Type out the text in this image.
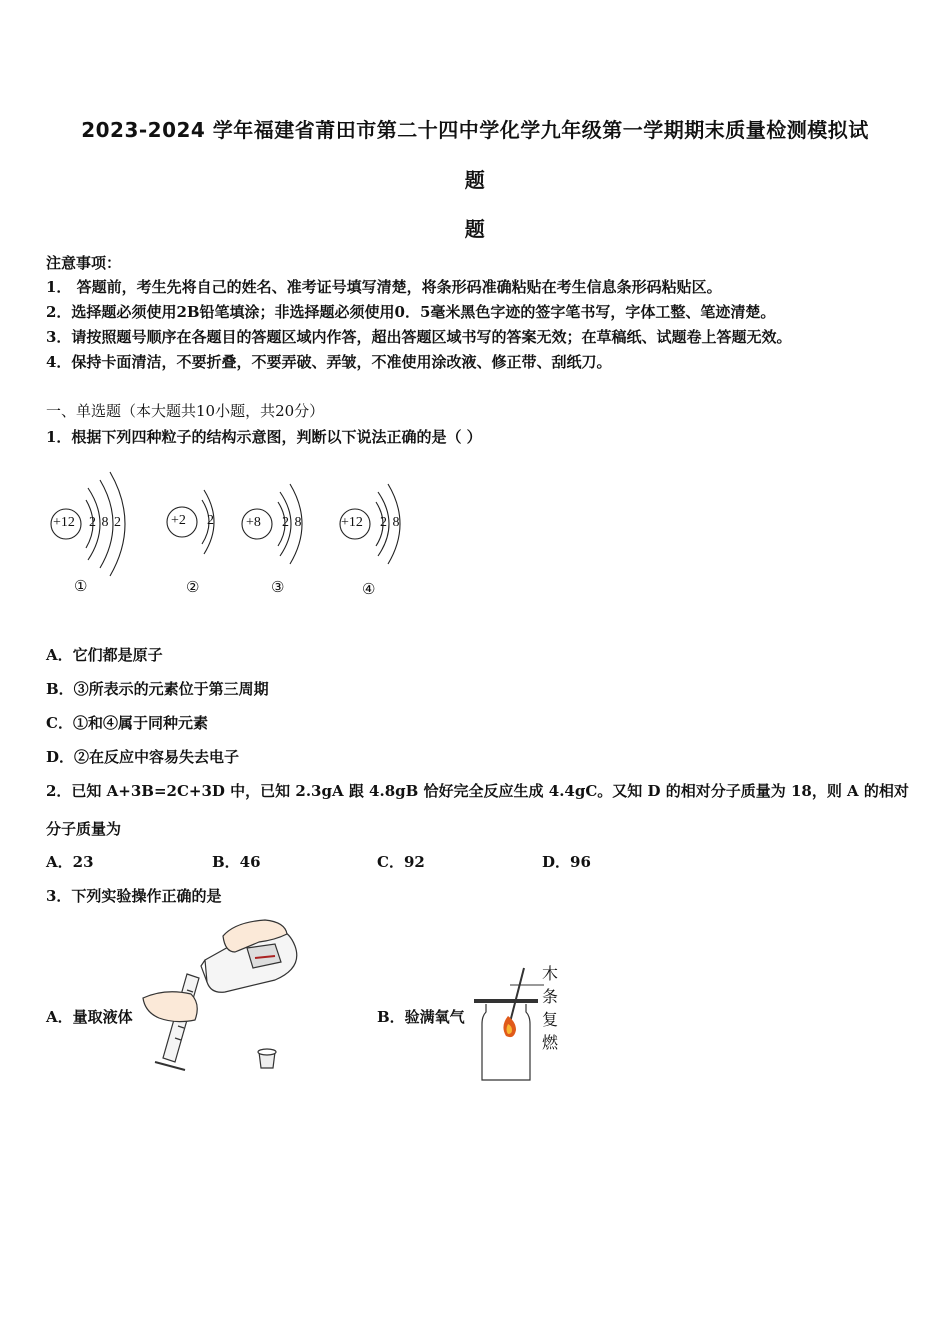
2023-2024 学年福建省莆田市第二十四中学化学九年级第一学期期末质量检测模拟试
题
题
注意事项：
1． 答题前，考生先将自己的姓名、准考证号填写清楚，将条形码准确粘贴在考生信息条形码粘贴区。
2．选择题必须使用2B铅笔填涂；非选择题必须使用0．5毫米黑色字迹的签字笔书写，字体工整、笔迹清楚。
3．请按照题号顺序在各题目的答题区域内作答，超出答题区域书写的答案无效；在草稿纸、试题卷上答题无效。
4．保持卡面清洁，不要折叠，不要弄破、弄皱，不准使用涂改液、修正带、刮纸刀。
一、单选题（本大题共10小题，共20分）
1．根据下列四种粒子的结构示意图，判断以下说法正确的是（ ）
+12 2 8 2
①
+2 2
②
+8 2 8
③
+12 2 8
④
A．它们都是原子
B．③所表示的元素位于第三周期
C．①和④属于同种元素
D．②在反应中容易失去电子
2．已知 A+3B=2C+3D 中，已知 2.3gA 跟 4.8gB 恰好完全反应生成 4.4gC。又知 D 的相对分子质量为 18，则 A 的相对
分子质量为
A．23	B．46	C．92	D．96
3．下列实验操作正确的是
A．量取液体	B．验满氧气
木
条
复
燃
